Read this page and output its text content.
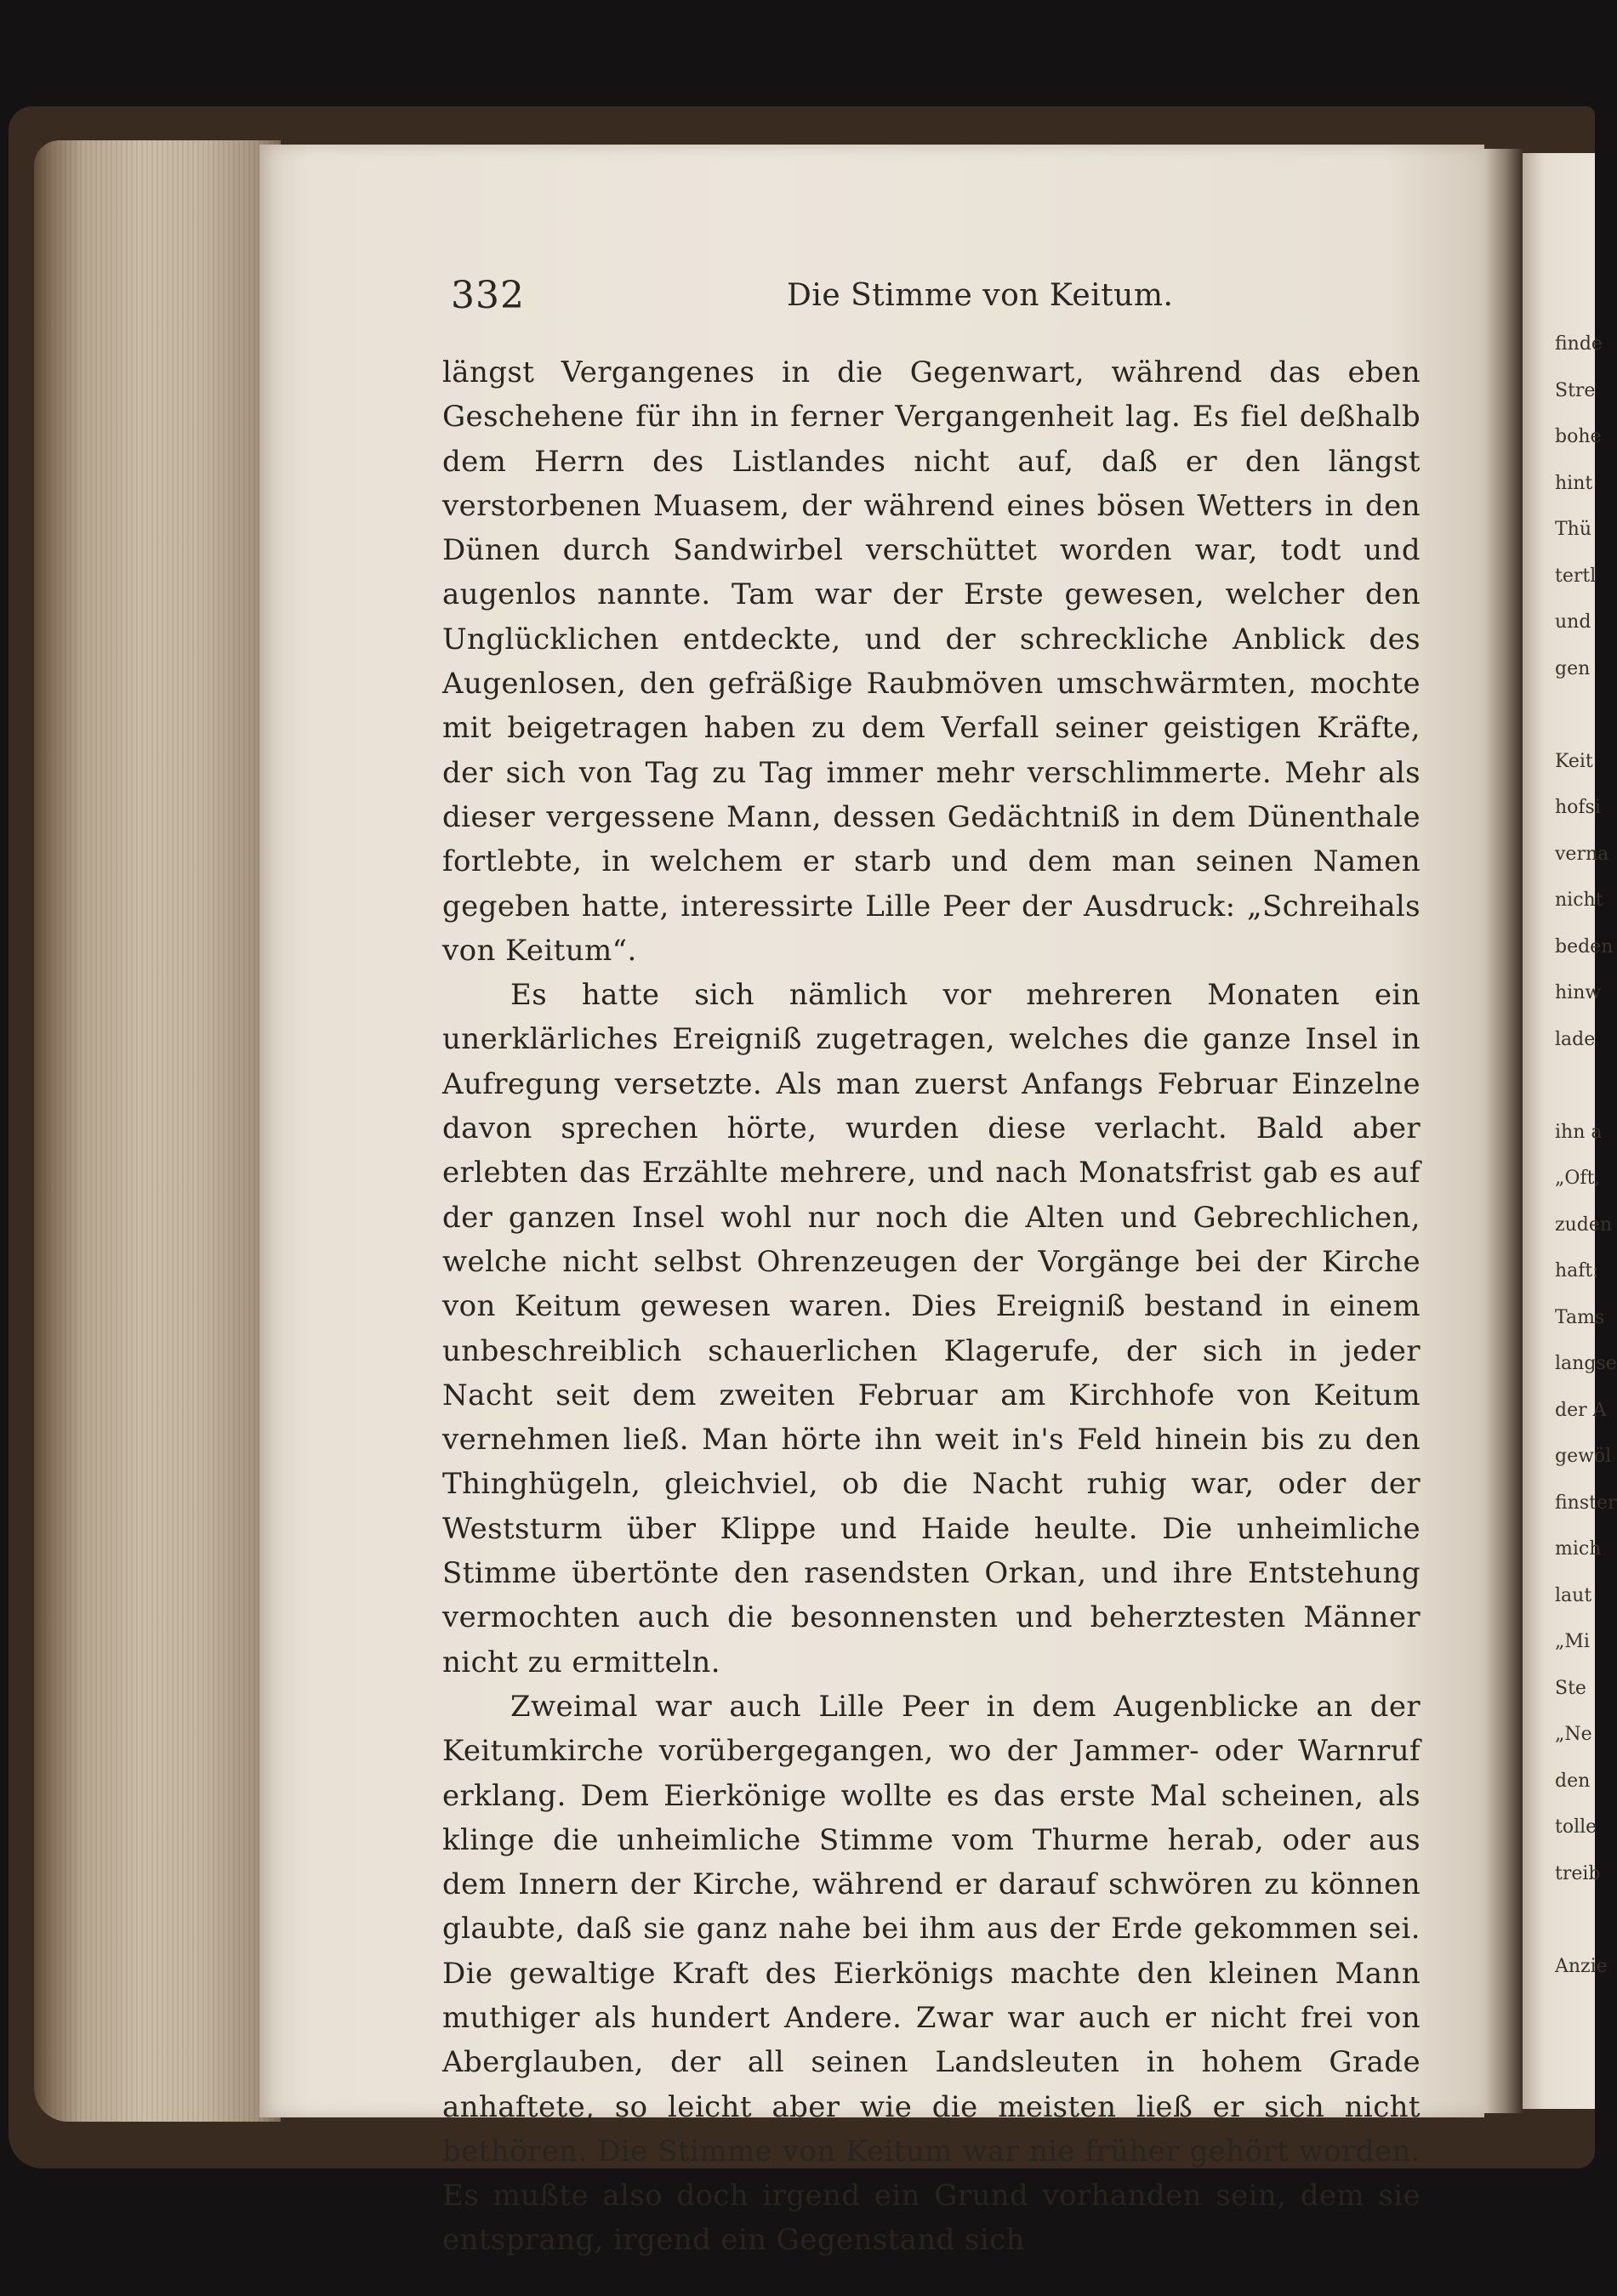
332	Die Stimme von Keitum.

längst Vergangenes in die Gegenwart, während das eben Geschehene für ihn in ferner Vergangenheit lag. Es fiel deßhalb dem Herrn des Listlandes nicht auf, daß er den längst verstorbenen Muasem, der während eines bösen Wetters in den Dünen durch Sandwirbel verschüttet worden war, todt und augenlos nannte. Tam war der Erste gewesen, welcher den Unglücklichen entdeckte, und der schreckliche Anblick des Augenlosen, den gefräßige Raubmöven umschwärmten, mochte mit beigetragen haben zu dem Verfall seiner geistigen Kräfte, der sich von Tag zu Tag immer mehr verschlimmerte. Mehr als dieser vergessene Mann, dessen Gedächtniß in dem Dünenthale fortlebte, in welchem er starb und dem man seinen Namen gegeben hatte, interessirte Lille Peer der Ausdruck: „Schreihals von Keitum“.

Es hatte sich nämlich vor mehreren Monaten ein unerklärliches Ereigniß zugetragen, welches die ganze Insel in Aufregung versetzte. Als man zuerst Anfangs Februar Einzelne davon sprechen hörte, wurden diese verlacht. Bald aber erlebten das Erzählte mehrere, und nach Monatsfrist gab es auf der ganzen Insel wohl nur noch die Alten und Gebrechlichen, welche nicht selbst Ohrenzeugen der Vorgänge bei der Kirche von Keitum gewesen waren. Dies Ereigniß bestand in einem unbeschreiblich schauerlichen Klagerufe, der sich in jeder Nacht seit dem zweiten Februar am Kirchhofe von Keitum vernehmen ließ. Man hörte ihn weit in's Feld hinein bis zu den Thinghügeln, gleichviel, ob die Nacht ruhig war, oder der Weststurm über Klippe und Haide heulte. Die unheimliche Stimme übertönte den rasendsten Orkan, und ihre Entstehung vermochten auch die besonnensten und beherztesten Männer nicht zu ermitteln.

Zweimal war auch Lille Peer in dem Augenblicke an der Keitumkirche vorübergegangen, wo der Jammer- oder Warnruf erklang. Dem Eierkönige wollte es das erste Mal scheinen, als klinge die unheimliche Stimme vom Thurme herab, oder aus dem Innern der Kirche, während er darauf schwören zu können glaubte, daß sie ganz nahe bei ihm aus der Erde gekommen sei. Die gewaltige Kraft des Eierkönigs machte den kleinen Mann muthiger als hundert Andere. Zwar war auch er nicht frei von Aberglauben, der all seinen Landsleuten in hohem Grade anhaftete, so leicht aber wie die meisten ließ er sich nicht bethören. Die Stimme von Keitum war nie früher gehört worden. Es mußte also doch irgend ein Grund vorhanden sein, dem sie entsprang, irgend ein Gegenstand sich

finde
Stre
bohe
hint
Thü
tertl
und
gen
Keit
hofsi
verna
nicht
beden
hinw
lade
ihn a
„Oft,
zuden
haft:
Tams
langse
der A
gewöl
finster
mich
laut
„Mi
Ste
„Ne
den
tolle
treib
Anzie
